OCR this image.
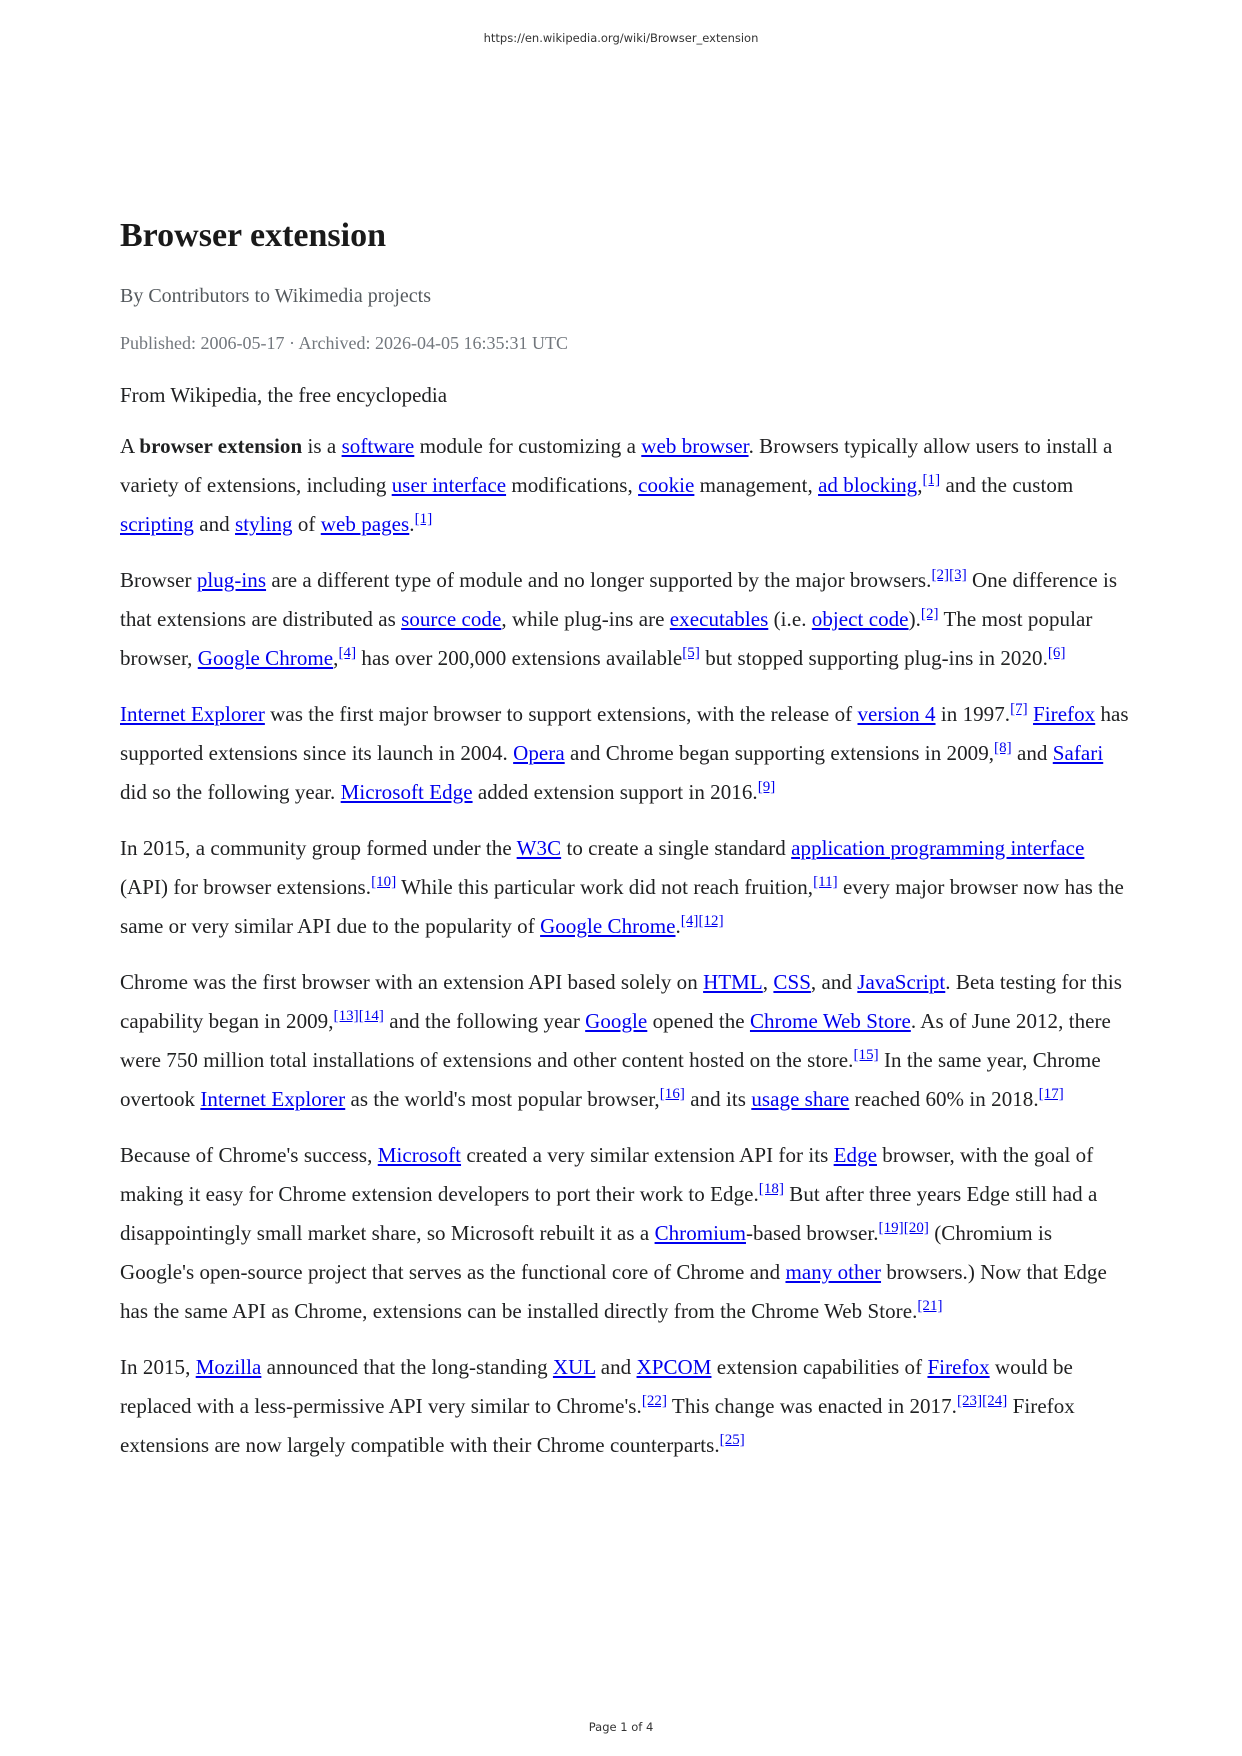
https://en.wikipedia.org/wiki/Browser_extension
Browser extension
By Contributors to Wikimedia projects
Published: 2006-05-17 · Archived: 2026-04-05 16:35:31 UTC
From Wikipedia, the free encyclopedia

A browser extension is a software module for customizing a web browser. Browsers typically allow users to install a variety of extensions, including user interface modifications, cookie management, ad blocking,[1] and the custom scripting and styling of web pages.[1]

Browser plug-ins are a different type of module and no longer supported by the major browsers.[2][3] One difference is that extensions are distributed as source code, while plug-ins are executables (i.e. object code).[2] The most popular browser, Google Chrome,[4] has over 200,000 extensions available[5] but stopped supporting plug-ins in 2020.[6]

Internet Explorer was the first major browser to support extensions, with the release of version 4 in 1997.[7] Firefox has supported extensions since its launch in 2004. Opera and Chrome began supporting extensions in 2009,[8] and Safari did so the following year. Microsoft Edge added extension support in 2016.[9]

In 2015, a community group formed under the W3C to create a single standard application programming interface (API) for browser extensions.[10] While this particular work did not reach fruition,[11] every major browser now has the same or very similar API due to the popularity of Google Chrome.[4][12]

Chrome was the first browser with an extension API based solely on HTML, CSS, and JavaScript. Beta testing for this capability began in 2009,[13][14] and the following year Google opened the Chrome Web Store. As of June 2012, there were 750 million total installations of extensions and other content hosted on the store.[15] In the same year, Chrome overtook Internet Explorer as the world's most popular browser,[16] and its usage share reached 60% in 2018.[17]

Because of Chrome's success, Microsoft created a very similar extension API for its Edge browser, with the goal of making it easy for Chrome extension developers to port their work to Edge.[18] But after three years Edge still had a disappointingly small market share, so Microsoft rebuilt it as a Chromium-based browser.[19][20] (Chromium is Google's open-source project that serves as the functional core of Chrome and many other browsers.) Now that Edge has the same API as Chrome, extensions can be installed directly from the Chrome Web Store.[21]

In 2015, Mozilla announced that the long-standing XUL and XPCOM extension capabilities of Firefox would be replaced with a less-permissive API very similar to Chrome's.[22] This change was enacted in 2017.[23][24] Firefox extensions are now largely compatible with their Chrome counterparts.[25]

Page 1 of 4
